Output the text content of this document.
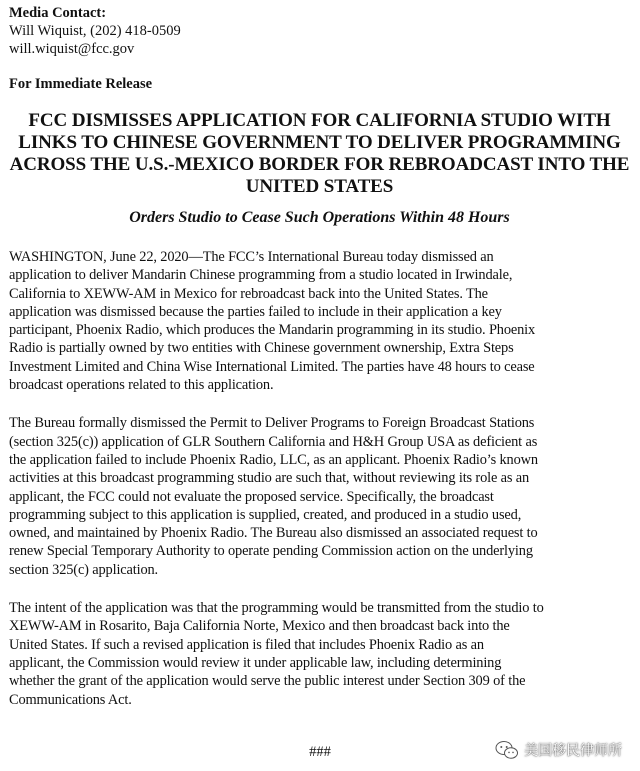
Media Contact:
Will Wiquist, (202) 418-0509
will.wiquist@fcc.gov
For Immediate Release
FCC DISMISSES APPLICATION FOR CALIFORNIA STUDIO WITH LINKS TO CHINESE GOVERNMENT TO DELIVER PROGRAMMING ACROSS THE U.S.-MEXICO BORDER FOR REBROADCAST INTO THE UNITED STATES
Orders Studio to Cease Such Operations Within 48 Hours
WASHINGTON, June 22, 2020—The FCC’s International Bureau today dismissed an
application to deliver Mandarin Chinese programming from a studio located in Irwindale,
California to XEWW-AM in Mexico for rebroadcast back into the United States. The
application was dismissed because the parties failed to include in their application a key
participant, Phoenix Radio, which produces the Mandarin programming in its studio. Phoenix
Radio is partially owned by two entities with Chinese government ownership, Extra Steps
Investment Limited and China Wise International Limited. The parties have 48 hours to cease
broadcast operations related to this application.
The Bureau formally dismissed the Permit to Deliver Programs to Foreign Broadcast Stations
(section 325(c)) application of GLR Southern California and H&H Group USA as deficient as
the application failed to include Phoenix Radio, LLC, as an applicant. Phoenix Radio’s known
activities at this broadcast programming studio are such that, without reviewing its role as an
applicant, the FCC could not evaluate the proposed service. Specifically, the broadcast
programming subject to this application is supplied, created, and produced in a studio used,
owned, and maintained by Phoenix Radio. The Bureau also dismissed an associated request to
renew Special Temporary Authority to operate pending Commission action on the underlying
section 325(c) application.
The intent of the application was that the programming would be transmitted from the studio to
XEWW-AM in Rosarito, Baja California Norte, Mexico and then broadcast back into the
United States. If such a revised application is filed that includes Phoenix Radio as an
applicant, the Commission would review it under applicable law, including determining
whether the grant of the application would serve the public interest under Section 309 of the
Communications Act.
###	美国移民律师所
